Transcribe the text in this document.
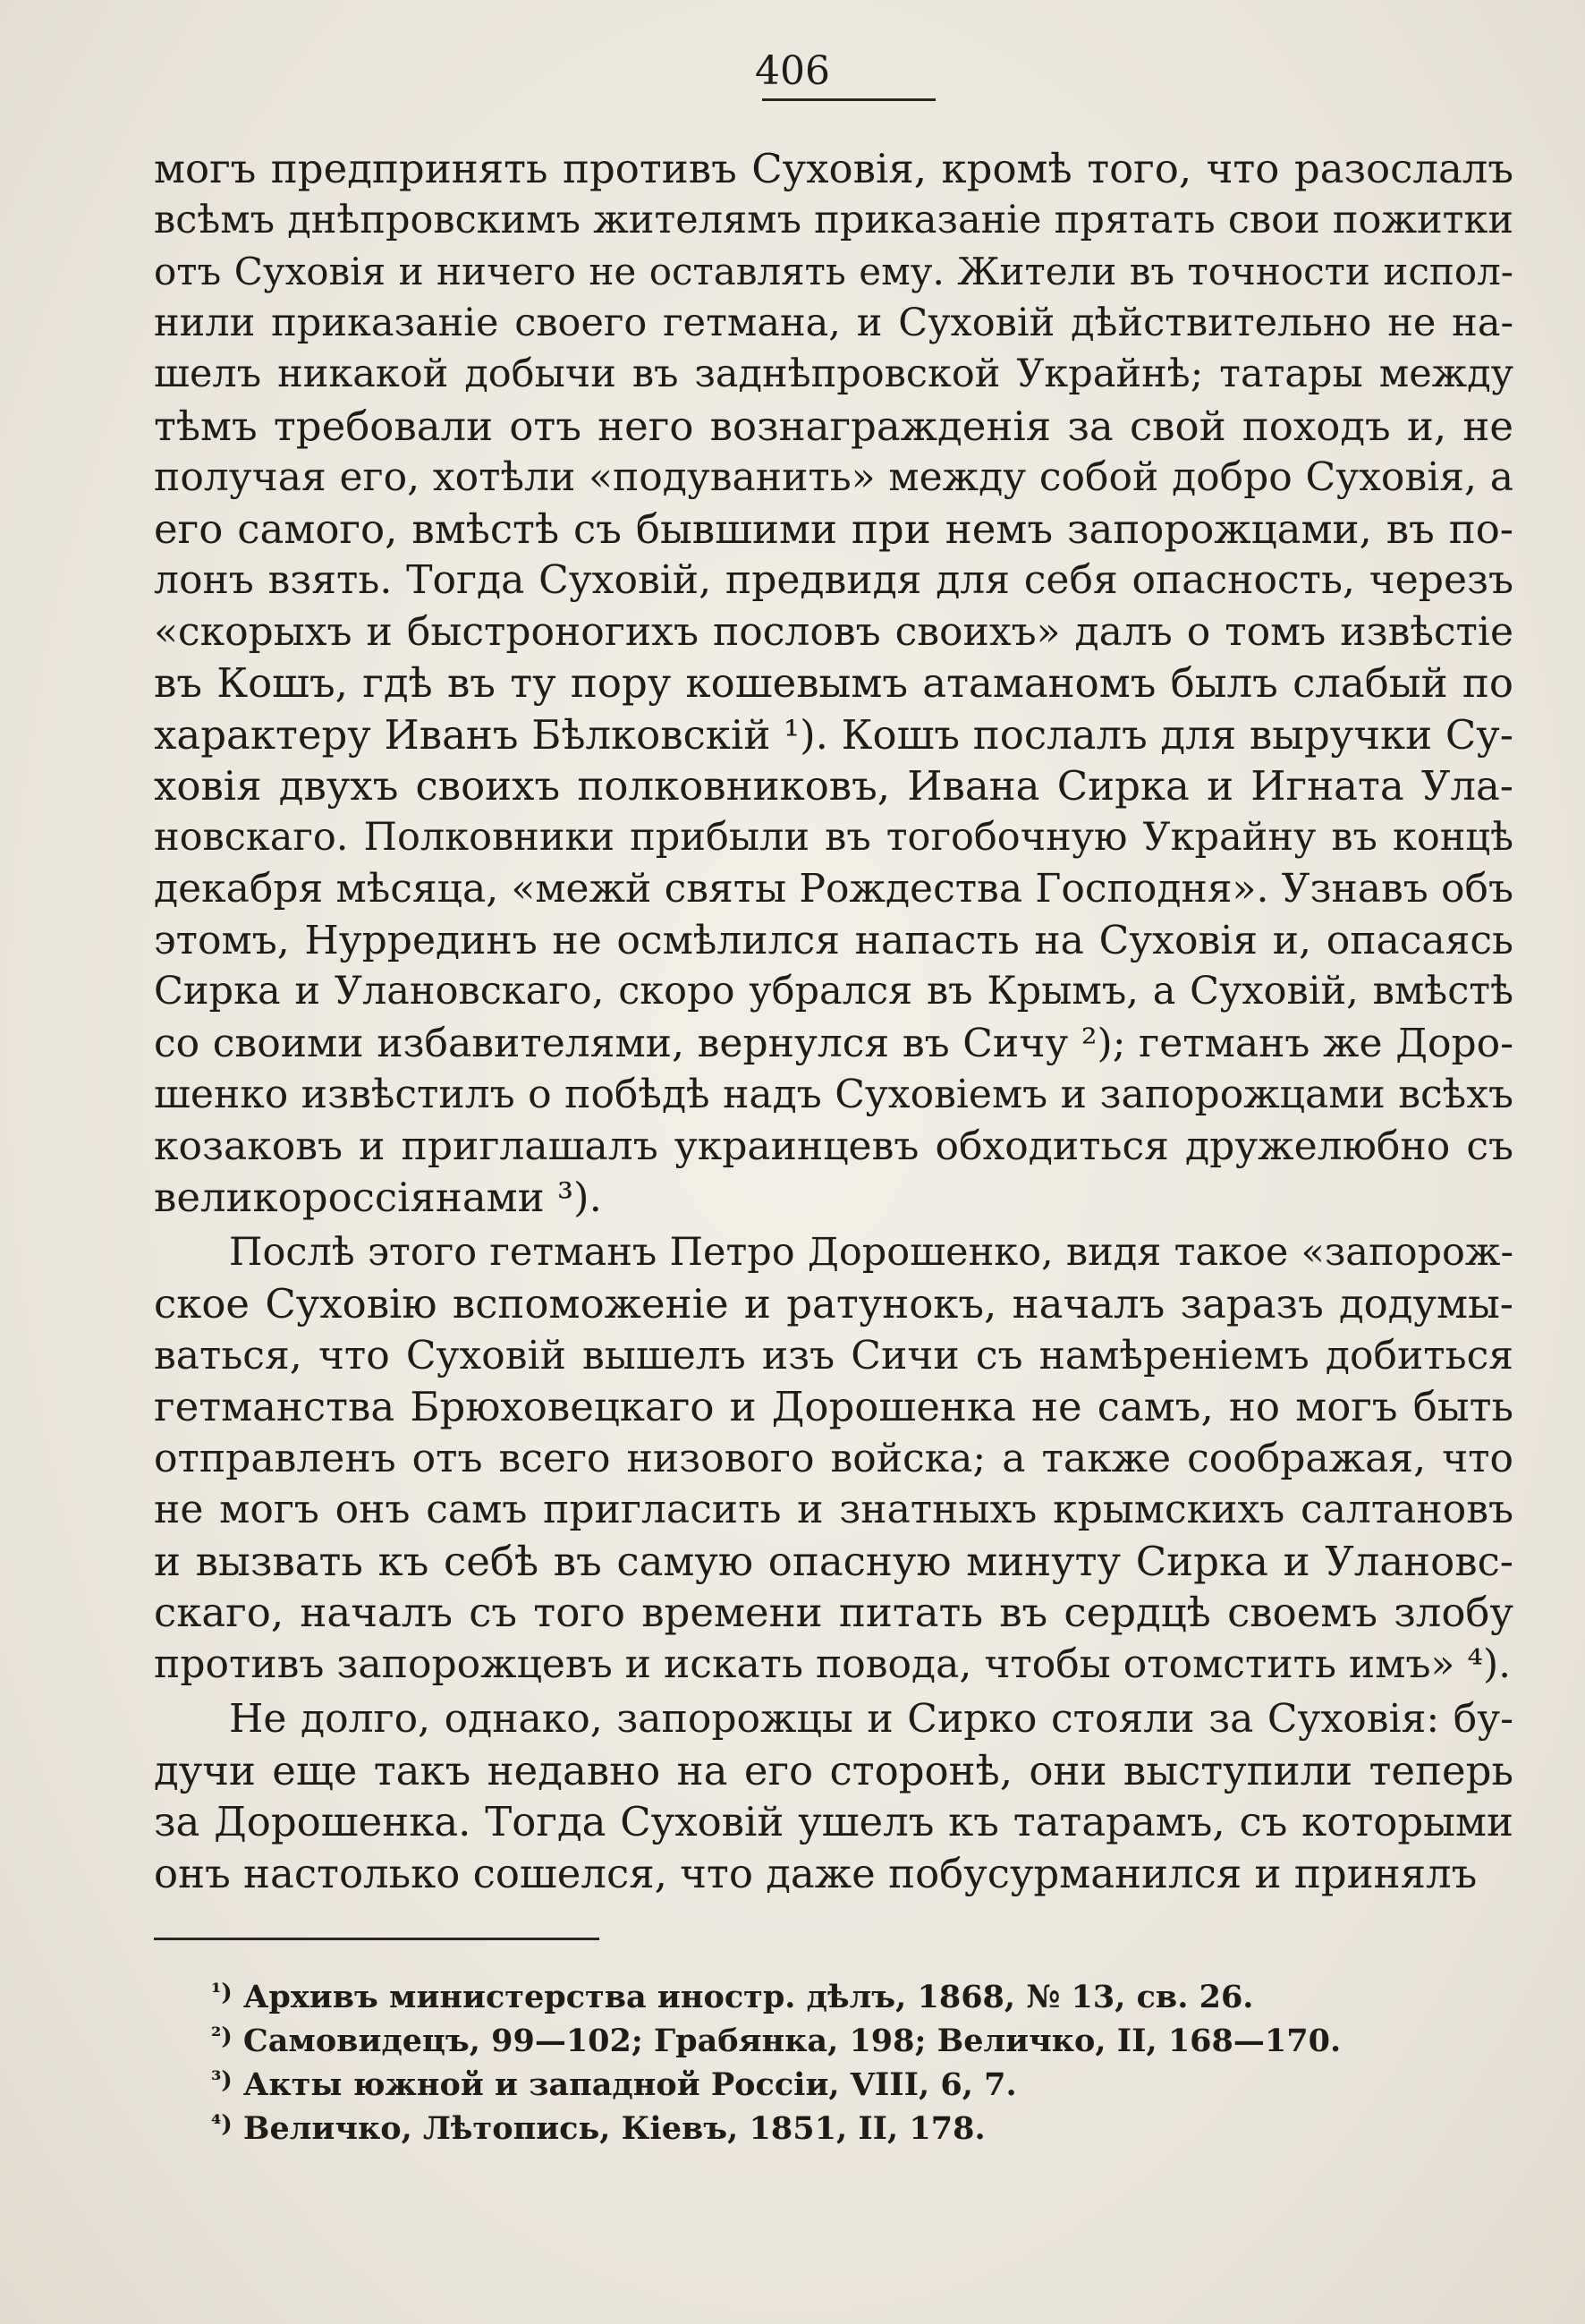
406
могъ предпринять противъ Суховія, кромѣ того, что разослалъ
всѣмъ днѣпровскимъ жителямъ приказаніе прятать свои пожитки
отъ Суховія и ничего не оставлять ему. Жители въ точности испол-
нили приказаніе своего гетмана, и Суховій дѣйствительно не на-
шелъ никакой добычи въ заднѣпровской Украйнѣ; татары между
тѣмъ требовали отъ него вознагражденія за свой походъ и, не
получая его, хотѣли «подуванить» между собой добро Суховія, а
его самого, вмѣстѣ съ бывшими при немъ запорожцами, въ по-
лонъ взять. Тогда Суховій, предвидя для себя опасность, черезъ
«скорыхъ и быстроногихъ пословъ своихъ» далъ о томъ извѣстіе
въ Кошъ, гдѣ въ ту пору кошевымъ атаманомъ былъ слабый по
характеру Иванъ Бѣлковскій ¹). Кошъ послалъ для выручки Су-
ховія двухъ своихъ полковниковъ, Ивана Сирка и Игната Ула-
новскаго. Полковники прибыли въ тогобочную Украйну въ концѣ
декабря мѣсяца, «межй святы Рождества Господня». Узнавъ объ
этомъ, Нуррединъ не осмѣлился напасть на Суховія и, опасаясь
Сирка и Улановскаго, скоро убрался въ Крымъ, а Суховій, вмѣстѣ
со своими избавителями, вернулся въ Сичу ²); гетманъ же Доро-
шенко извѣстилъ о побѣдѣ надъ Суховіемъ и запорожцами всѣхъ
козаковъ и приглашалъ украинцевъ обходиться дружелюбно съ
великороссіянами ³).
Послѣ этого гетманъ Петро Дорошенко, видя такое «запорож-
ское Суховію вспоможеніе и ратунокъ, началъ заразъ додумы-
ваться, что Суховій вышелъ изъ Сичи съ намѣреніемъ добиться
гетманства Брюховецкаго и Дорошенка не самъ, но могъ быть
отправленъ отъ всего низового войска; а также соображая, что
не могъ онъ самъ пригласить и знатныхъ крымскихъ салтановъ
и вызвать къ себѣ въ самую опасную минуту Сирка и Улановс-
скаго, началъ съ того времени питать въ сердцѣ своемъ злобу
противъ запорожцевъ и искать повода, чтобы отомстить имъ» ⁴).
Не долго, однако, запорожцы и Сирко стояли за Суховія: бу-
дучи еще такъ недавно на его сторонѣ, они выступили теперь
за Дорошенка. Тогда Суховій ушелъ къ татарамъ, съ которыми
онъ настолько сошелся, что даже побусурманился и принялъ
$^{^1)}$ Архивъ министерства иностр. дѣлъ, 1868, № 13, св. 26.
$^{^2)}$ Самовидецъ, 99—102; Грабянка, 198; Величко, II, 168—170.
$^{^3)}$ Акты южной и западной Россіи, VIII, 6, 7.
$^{^4)}$ Величко, Лѣтопись, Кіевъ, 1851, II, 178.
